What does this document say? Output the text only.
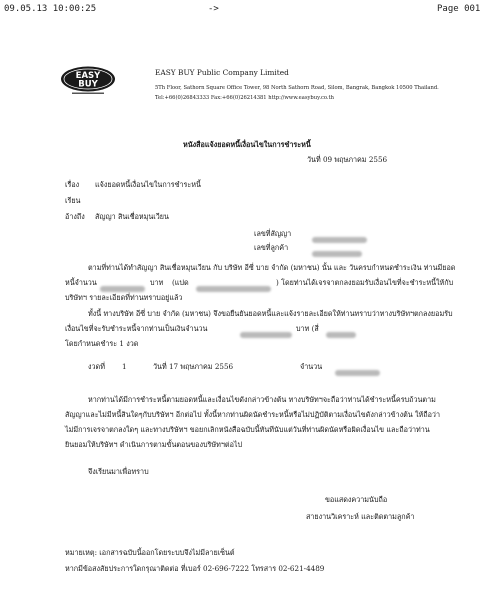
09.05.13 10:00:25	->	Page 001
EASY
BUY
EASY BUY Public Company Limited
5Th Floor, Sathorn Square Office Tower, 98 North Sathorn Road, Silom, Bangrak, Bangkok 10500 Thailand.
Tel:+66(0)26843333 Fax:+66(0)26214381 http://www.easybuy.co.th
หนังสือแจ้งยอดหนี้เงื่อนไขในการชำระหนี้
วันที่ 09 พฤษภาคม 2556
เรื่อง แจ้งยอดหนี้เงื่อนไขในการชำระหนี้
เรียน
อ้างถึง สัญญา สินเชื่อหมุนเวียน
เลขที่สัญญา
เลขที่ลูกค้า
ตามที่ท่านได้ทำสัญญา สินเชื่อหมุนเวียน กับ บริษัท อีซี่ บาย จำกัด (มหาชน) นั้น และ วันครบกำหนดชำระเงิน ท่านมียอด
หนี้จำนวน	บาท (แปด	) โดยท่านได้เจรจาตกลงยอมรับเงื่อนไขที่จะชำระหนี้ให้กับ
บริษัทฯ รายละเอียดที่ท่านทราบอยู่แล้ว
ทั้งนี้ ทางบริษัท อีซี่ บาย จำกัด (มหาชน) จึงขอยืนยันยอดหนี้และแจ้งรายละเอียดให้ท่านทราบว่าทางบริษัทฯตกลงยอมรับ
เงื่อนไขที่จะรับชำระหนี้จากท่านเป็นเงินจำนวน	บาท (สี่
โดยกำหนดชำระ 1 งวด
งวดที่ 1	วันที่ 17 พฤษภาคม 2556	จำนวน
หากท่านได้มีการชำระหนี้ตามยอดหนี้และเงื่อนไขดังกล่าวข้างต้น ทางบริษัทฯจะถือว่าท่านได้ชำระหนี้ครบถ้วนตาม
สัญญาและไม่มีหนี้สินใดๆกับบริษัทฯ อีกต่อไป ทั้งนี้หากท่านผิดนัดชำระหนี้หรือไม่ปฏิบัติตามเงื่อนไขดังกล่าวข้างต้น ให้ถือว่า
ไม่มีการเจรจาตกลงใดๆ และทางบริษัทฯ ขอยกเลิกหนังสือฉบับนี้ทันทีนับแต่วันที่ท่านผิดนัดหรือผิดเงื่อนไข และถือว่าท่าน
ยินยอมให้บริษัทฯ ดำเนินการตามขั้นตอนของบริษัทฯต่อไป
จึงเรียนมาเพื่อทราบ
ขอแสดงความนับถือ
สายงานวิเคราะห์ และติดตามลูกค้า
หมายเหตุ: เอกสารฉบับนี้ออกโดยระบบจึงไม่มีลายเซ็นต์
หากมีข้อสงสัยประการใดกรุณาติดต่อ ที่เบอร์ 02-696-7222 โทรสาร 02-621-4489
